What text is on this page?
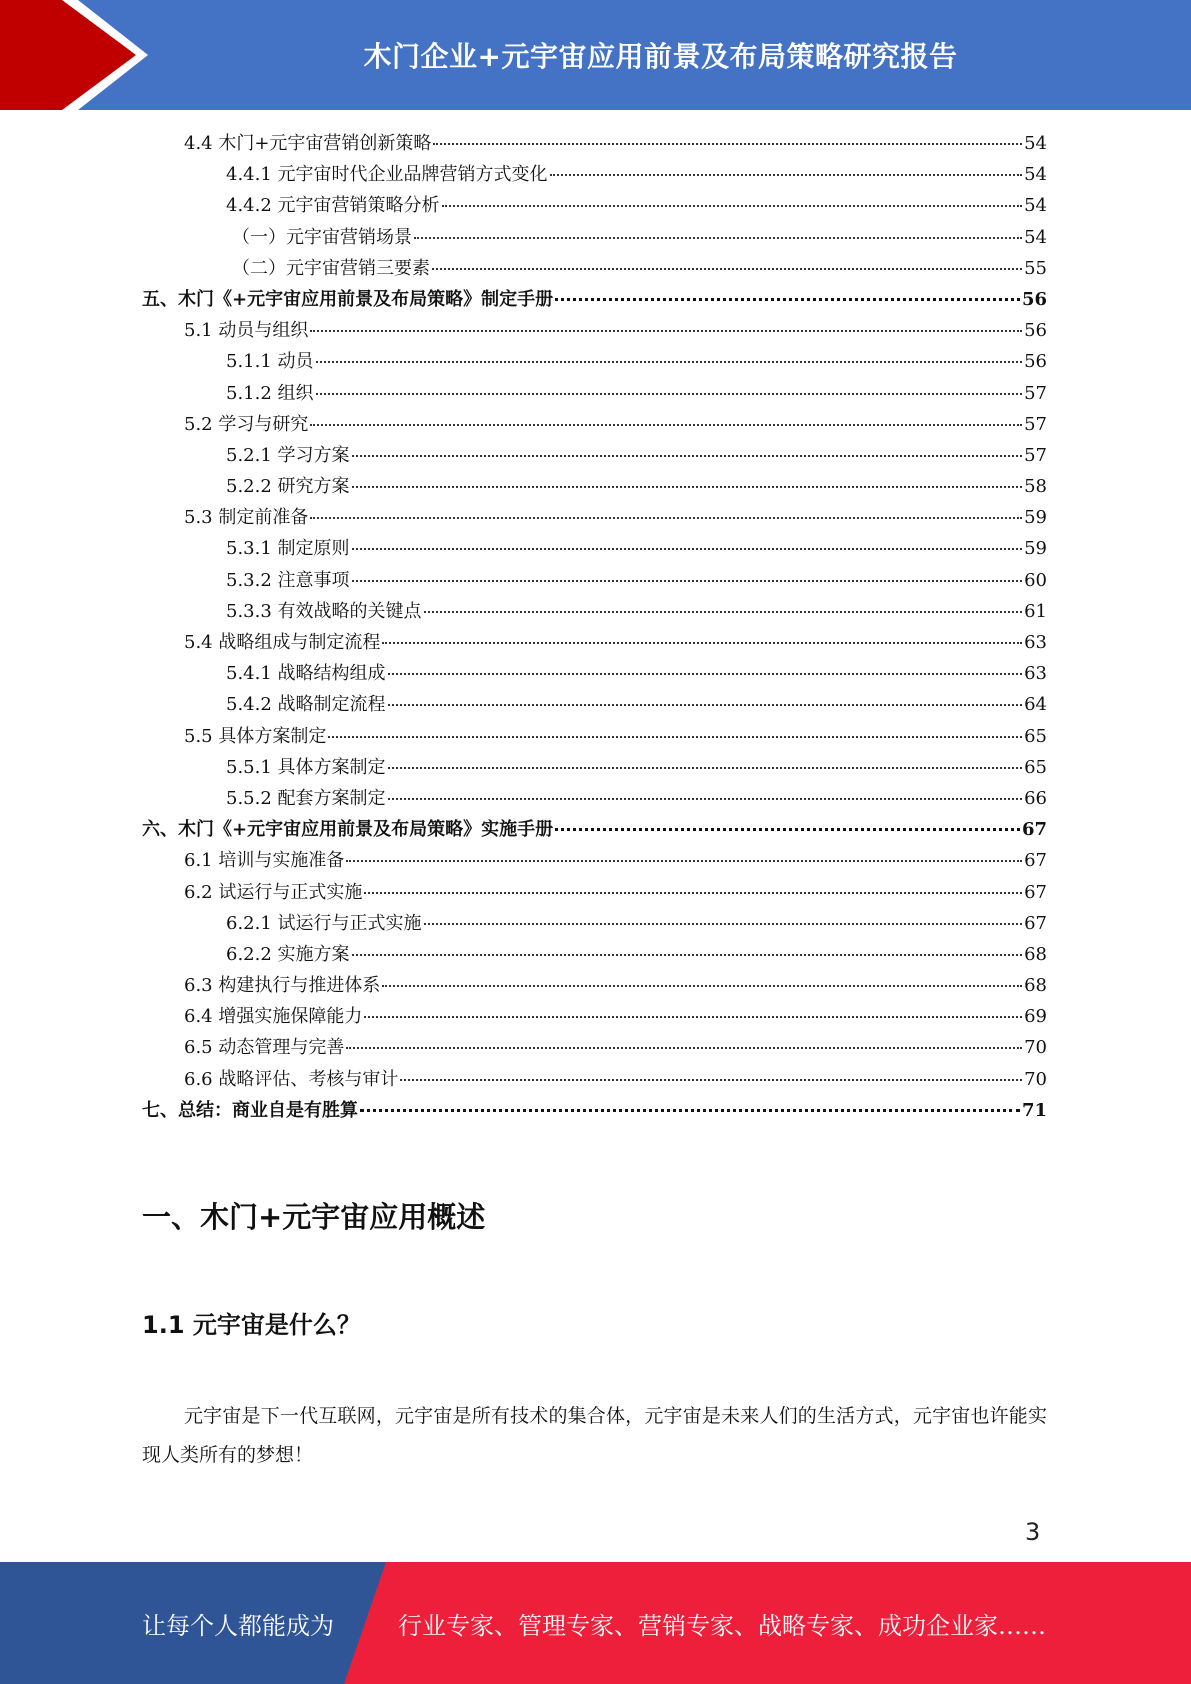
木门企业+元宇宙应用前景及布局策略研究报告
4.4 木门+元宇宙营销创新策略	54
4.4.1 元宇宙时代企业品牌营销方式变化	54
4.4.2 元宇宙营销策略分析	54
（一）元宇宙营销场景	54
（二）元宇宙营销三要素	55
五、木门《+元宇宙应用前景及布局策略》制定手册	56
5.1 动员与组织	56
5.1.1 动员	56
5.1.2 组织	57
5.2 学习与研究	57
5.2.1 学习方案	57
5.2.2 研究方案	58
5.3 制定前准备	59
5.3.1 制定原则	59
5.3.2 注意事项	60
5.3.3 有效战略的关键点	61
5.4 战略组成与制定流程	63
5.4.1 战略结构组成	63
5.4.2 战略制定流程	64
5.5 具体方案制定	65
5.5.1 具体方案制定	65
5.5.2 配套方案制定	66
六、木门《+元宇宙应用前景及布局策略》实施手册	67
6.1 培训与实施准备	67
6.2 试运行与正式实施	67
6.2.1 试运行与正式实施	67
6.2.2 实施方案	68
6.3 构建执行与推进体系	68
6.4 增强实施保障能力	69
6.5 动态管理与完善	70
6.6 战略评估、考核与审计	70
七、总结：商业自是有胜算	71
一、木门+元宇宙应用概述
1.1 元宇宙是什么？
元宇宙是下一代互联网，元宇宙是所有技术的集合体，元宇宙是未来人们的生活方式，元宇宙也许能实现人类所有的梦想！
3
让每个人都能成为	行业专家、管理专家、营销专家、战略专家、成功企业家……
